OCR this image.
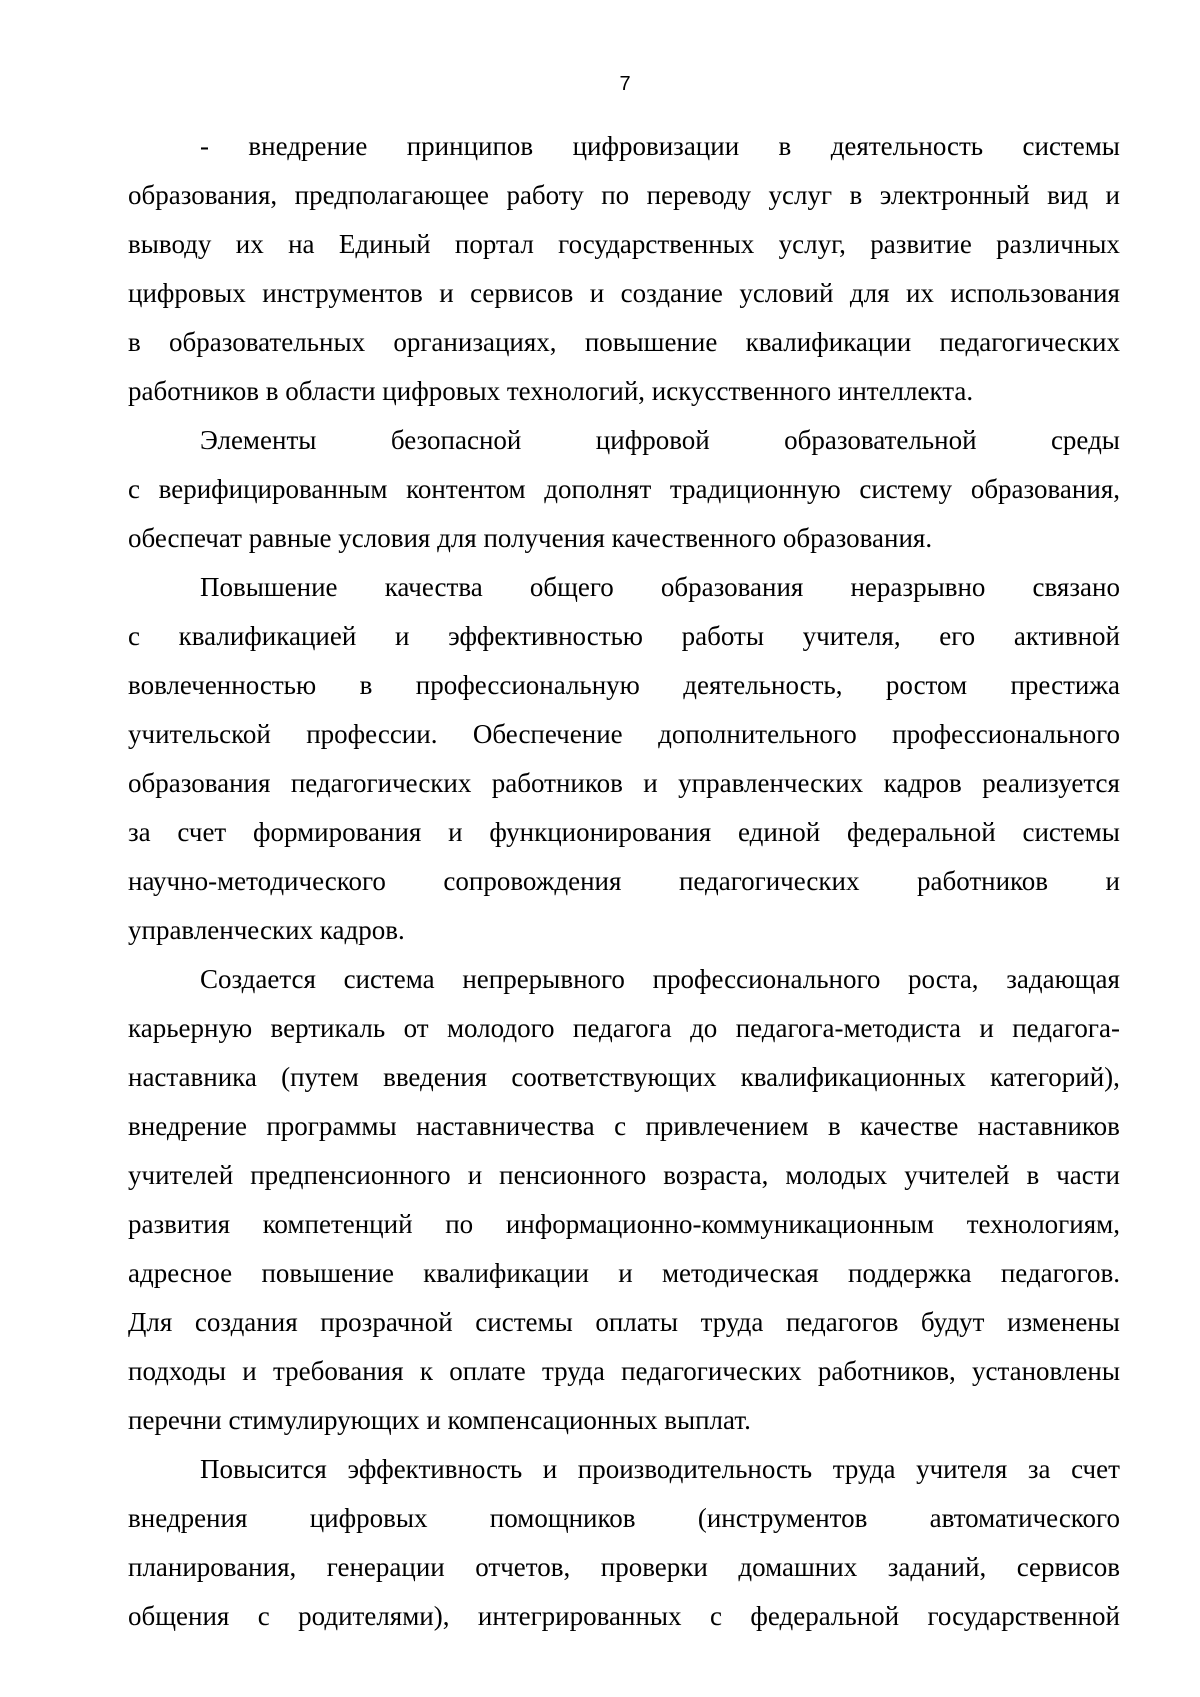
7
- внедрение принципов цифровизации в деятельность системы
образования, предполагающее работу по переводу услуг в электронный вид и
выводу их на Единый портал государственных услуг, развитие различных
цифровых инструментов и сервисов и создание условий для их использования
в образовательных организациях, повышение квалификации педагогических
работников в области цифровых технологий, искусственного интеллекта.
Элементы	безопасной	цифровой	образовательной	среды
с верифицированным контентом дополнят традиционную систему образования,
обеспечат равные условия для получения качественного образования.
Повышение качества общего образования неразрывно связано
с квалификацией и эффективностью работы учителя, его активной
вовлеченностью в профессиональную деятельность, ростом престижа
учительской профессии. Обеспечение дополнительного профессионального
образования педагогических работников и управленческих кадров реализуется
за счет формирования и функционирования единой федеральной системы
научно-методического сопровождения педагогических работников и
управленческих кадров.
Создается система непрерывного профессионального роста, задающая
карьерную вертикаль от молодого педагога до педагога-методиста и педагога-
наставника (путем введения соответствующих квалификационных категорий),
внедрение программы наставничества с привлечением в качестве наставников
учителей предпенсионного и пенсионного возраста, молодых учителей в части
развития компетенций по информационно-коммуникационным технологиям,
адресное повышение квалификации и методическая поддержка педагогов.
Для создания прозрачной системы оплаты труда педагогов будут изменены
подходы и требования к оплате труда педагогических работников, установлены
перечни стимулирующих и компенсационных выплат.
Повысится эффективность и производительность труда учителя за счет
внедрения цифровых помощников (инструментов автоматического
планирования, генерации отчетов, проверки домашних заданий, сервисов
общения с родителями), интегрированных с федеральной государственной
